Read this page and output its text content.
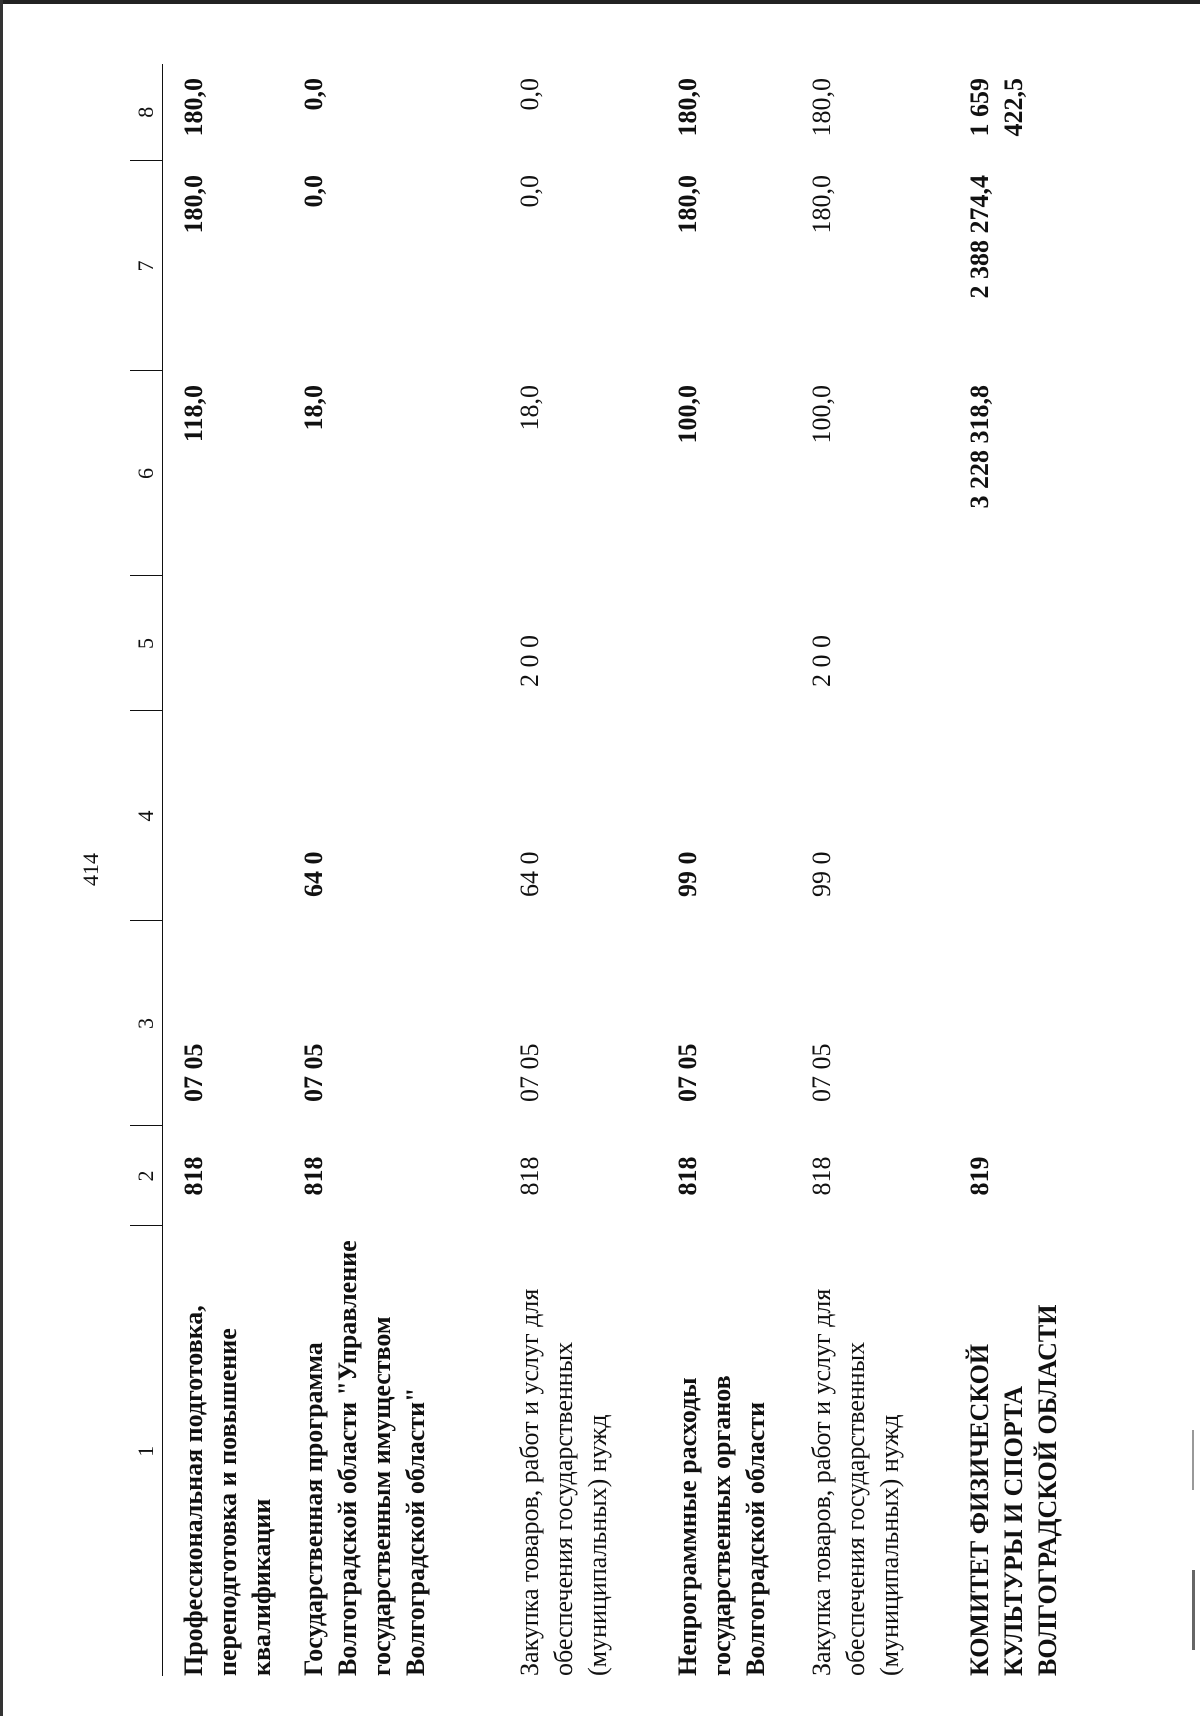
414
1	2	3	4	5	6	7	8
Профессиональная подготовка, переподготовка и повышение квалификации	818	07 05			118,0	180,0	180,0
Государственная программа Волгоградской области "Управление государственным имуществом Волгоградской области"	818	07 05	64 0		18,0	0,0	0,0
Закупка товаров, работ и услуг для обеспечения государственных (муниципальных) нужд	818	07 05	64 0	2 0 0	18,0	0,0	0,0
Непрограммные расходы государственных органов Волгоградской области	818	07 05	99 0		100,0	180,0	180,0
Закупка товаров, работ и услуг для обеспечения государственных (муниципальных) нужд	818	07 05	99 0	2 0 0	100,0	180,0	180,0
КОМИТЕТ ФИЗИЧЕСКОЙ КУЛЬТУРЫ И СПОРТА ВОЛГОГРАДСКОЙ ОБЛАСТИ	819				3 228 318,8	2 388 274,4	1 659 422,5
